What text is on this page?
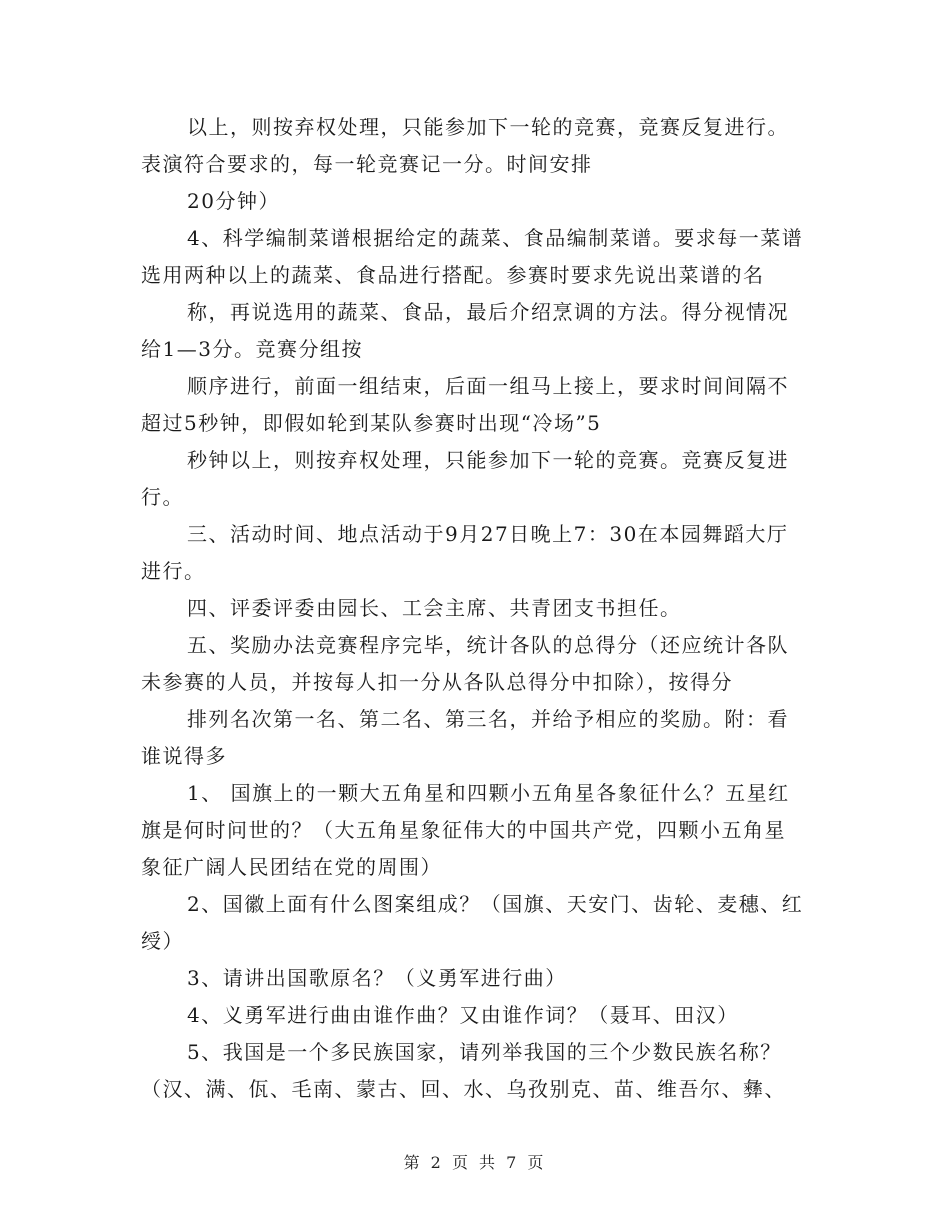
以上，则按弃权处理，只能参加下一轮的竞赛，竞赛反复进行。
表演符合要求的，每一轮竞赛记一分。时间安排
20分钟）
4、科学编制菜谱根据给定的蔬菜、食品编制菜谱。要求每一菜谱
选用两种以上的蔬菜、食品进行搭配。参赛时要求先说出菜谱的名
称，再说选用的蔬菜、食品，最后介绍烹调的方法。得分视情况
给1—3分。竞赛分组按
顺序进行，前面一组结束，后面一组马上接上，要求时间间隔不
超过5秒钟，即假如轮到某队参赛时出现“冷场”5
秒钟以上，则按弃权处理，只能参加下一轮的竞赛。竞赛反复进
行。
三、活动时间、地点活动于9月27日晚上7：30在本园舞蹈大厅
进行。
四、评委评委由园长、工会主席、共青团支书担任。
五、奖励办法竞赛程序完毕，统计各队的总得分（还应统计各队
未参赛的人员，并按每人扣一分从各队总得分中扣除），按得分
排列名次第一名、第二名、第三名，并给予相应的奖励。附：看
谁说得多
1、 国旗上的一颗大五角星和四颗小五角星各象征什么？五星红
旗是何时问世的？（大五角星象征伟大的中国共产党，四颗小五角星
象征广阔人民团结在党的周围）
2、国徽上面有什么图案组成？（国旗、天安门、齿轮、麦穗、红
绶）
3、请讲出国歌原名？（义勇军进行曲）
4、义勇军进行曲由谁作曲？又由谁作词？（聂耳、田汉）
5、我国是一个多民族国家，请列举我国的三个少数民族名称？
（汉、满、佤、毛南、蒙古、回、水、乌孜别克、苗、维吾尔、彝、
第 2 页 共 7 页
